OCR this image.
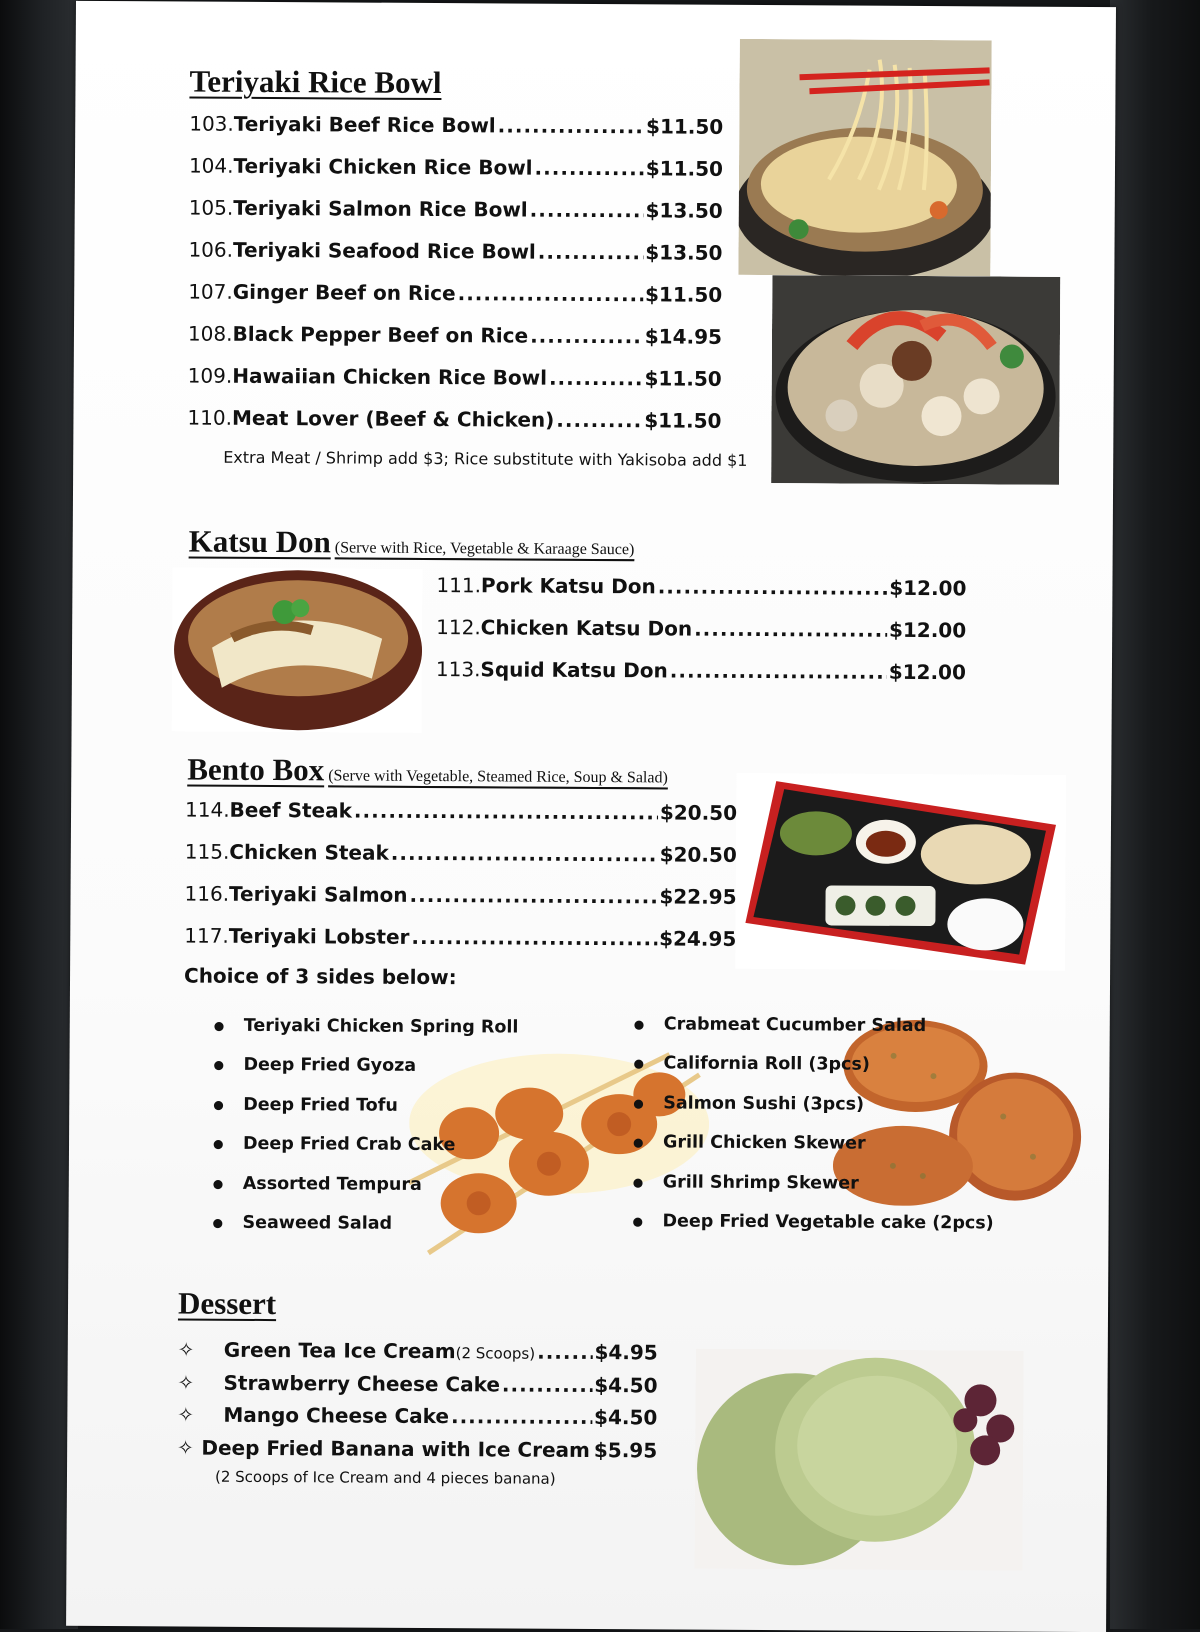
Teriyaki Rice Bowl
103. Teriyaki Beef Rice Bowl .....	$11.50
104. Teriyaki Chicken Rice Bowl .....	$11.50
105. Teriyaki Salmon Rice Bowl .....	$13.50
106. Teriyaki Seafood Rice Bowl .....	$13.50
107. Ginger Beef on Rice .....	$11.50
108. Black Pepper Beef on Rice .....	$14.95
109. Hawaiian Chicken Rice Bowl .....	$11.50
110. Meat Lover (Beef & Chicken) .....	$11.50
Extra Meat / Shrimp add $3; Rice substitute with Yakisoba add $1
Katsu Don (Serve with Rice, Vegetable & Karaage Sauce)
111. Pork Katsu Don .....	$12.00
112. Chicken Katsu Don .....	$12.00
113. Squid Katsu Don .....	$12.00
Bento Box (Serve with Vegetable, Steamed Rice, Soup & Salad)
114. Beef Steak .....	$20.50
115. Chicken Steak .....	$20.50
116. Teriyaki Salmon .....	$22.95
117. Teriyaki Lobster .....	$24.95
Choice of 3 sides below:
●	Teriyaki Chicken Spring Roll
●	Deep Fried Gyoza
●	Deep Fried Tofu
●	Deep Fried Crab Cake
●	Assorted Tempura
●	Seaweed Salad
●	Crabmeat Cucumber Salad
●	California Roll (3pcs)
●	Salmon Sushi (3pcs)
●	Grill Chicken Skewer
●	Grill Shrimp Skewer
●	Deep Fried Vegetable cake (2pcs)
Dessert
✧	Green Tea Ice Cream(2 Scoops) .....	$4.95
✧	Strawberry Cheese Cake .....	$4.50
✧	Mango Cheese Cake .....	$4.50
✧ Deep Fried Banana with Ice Cream ..... $5.95
(2 Scoops of Ice Cream and 4 pieces banana)
